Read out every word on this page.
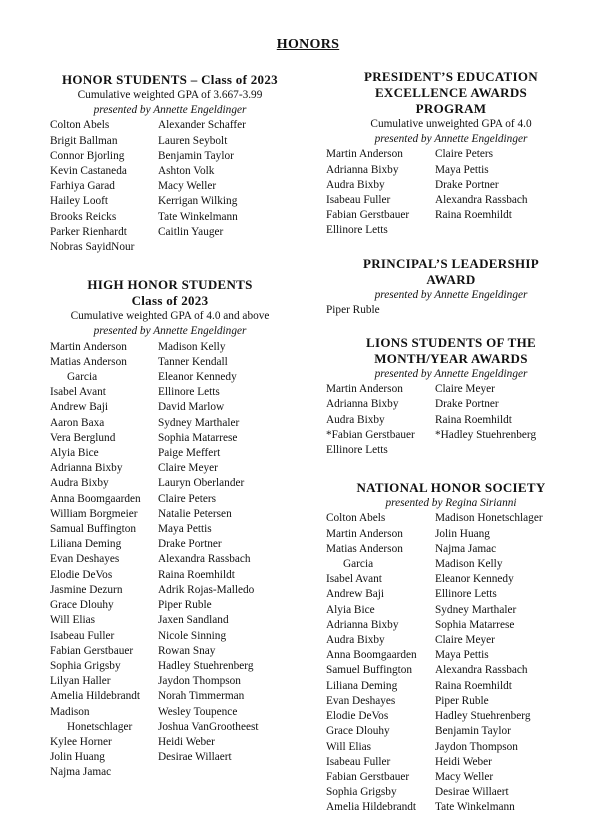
HONORS
HONOR STUDENTS – Class of 2023
Cumulative weighted GPA of 3.667-3.99
presented by Annette Engeldinger
Colton Abels
Brigit Ballman
Connor Bjorling
Kevin Castaneda
Farhiya Garad
Hailey Looft
Brooks Reicks
Parker Rienhardt
Nobras SayidNour
Alexander Schaffer
Lauren Seybolt
Benjamin Taylor
Ashton Volk
Macy Weller
Kerrigan Wilking
Tate Winkelmann
Caitlin Yauger
HIGH HONOR STUDENTS
Class of 2023
Cumulative weighted GPA of 4.0 and above
presented by Annette Engeldinger
Martin Anderson
Matias Anderson
Garcia
Isabel Avant
Andrew Baji
Aaron Baxa
Vera Berglund
Alyia Bice
Adrianna Bixby
Audra Bixby
Anna Boomgaarden
William Borgmeier
Samual Buffington
Liliana Deming
Evan Deshayes
Elodie DeVos
Jasmine Dezurn
Grace Dlouhy
Will Elias
Isabeau Fuller
Fabian Gerstbauer
Sophia Grigsby
Lilyan Haller
Amelia Hildebrandt
Madison
Honetschlager
Kylee Horner
Jolin Huang
Najma Jamac
Madison Kelly
Tanner Kendall
Eleanor Kennedy
Ellinore Letts
David Marlow
Sydney Marthaler
Sophia Matarrese
Paige Meffert
Claire Meyer
Lauryn Oberlander
Claire Peters
Natalie Petersen
Maya Pettis
Drake Portner
Alexandra Rassbach
Raina Roemhildt
Adrik Rojas-Malledo
Piper Ruble
Jaxen Sandland
Nicole Sinning
Rowan Snay
Hadley Stuehrenberg
Jaydon Thompson
Norah Timmerman
Wesley Toupence
Joshua VanGrootheest
Heidi Weber
Desirae Willaert
PRESIDENT’S EDUCATION
EXCELLENCE AWARDS
PROGRAM
Cumulative unweighted GPA of 4.0
presented by Annette Engeldinger
Martin Anderson
Adrianna Bixby
Audra Bixby
Isabeau Fuller
Fabian Gerstbauer
Ellinore Letts
Claire Peters
Maya Pettis
Drake Portner
Alexandra Rassbach
Raina Roemhildt
PRINCIPAL’S LEADERSHIP
AWARD
presented by Annette Engeldinger
Piper Ruble
LIONS STUDENTS OF THE
MONTH/YEAR AWARDS
presented by Annette Engeldinger
Martin Anderson
Adrianna Bixby
Audra Bixby
*Fabian Gerstbauer
Ellinore Letts
Claire Meyer
Drake Portner
Raina Roemhildt
*Hadley Stuehrenberg
NATIONAL HONOR SOCIETY
presented by Regina Sirianni
Colton Abels
Martin Anderson
Matias Anderson
Garcia
Isabel Avant
Andrew Baji
Alyia Bice
Adrianna Bixby
Audra Bixby
Anna Boomgaarden
Samuel Buffington
Liliana Deming
Evan Deshayes
Elodie DeVos
Grace Dlouhy
Will Elias
Isabeau Fuller
Fabian Gerstbauer
Sophia Grigsby
Amelia Hildebrandt
Madison Honetschlager
Jolin Huang
Najma Jamac
Madison Kelly
Eleanor Kennedy
Ellinore Letts
Sydney Marthaler
Sophia Matarrese
Claire Meyer
Maya Pettis
Alexandra Rassbach
Raina Roemhildt
Piper Ruble
Hadley Stuehrenberg
Benjamin Taylor
Jaydon Thompson
Heidi Weber
Macy Weller
Desirae Willaert
Tate Winkelmann
